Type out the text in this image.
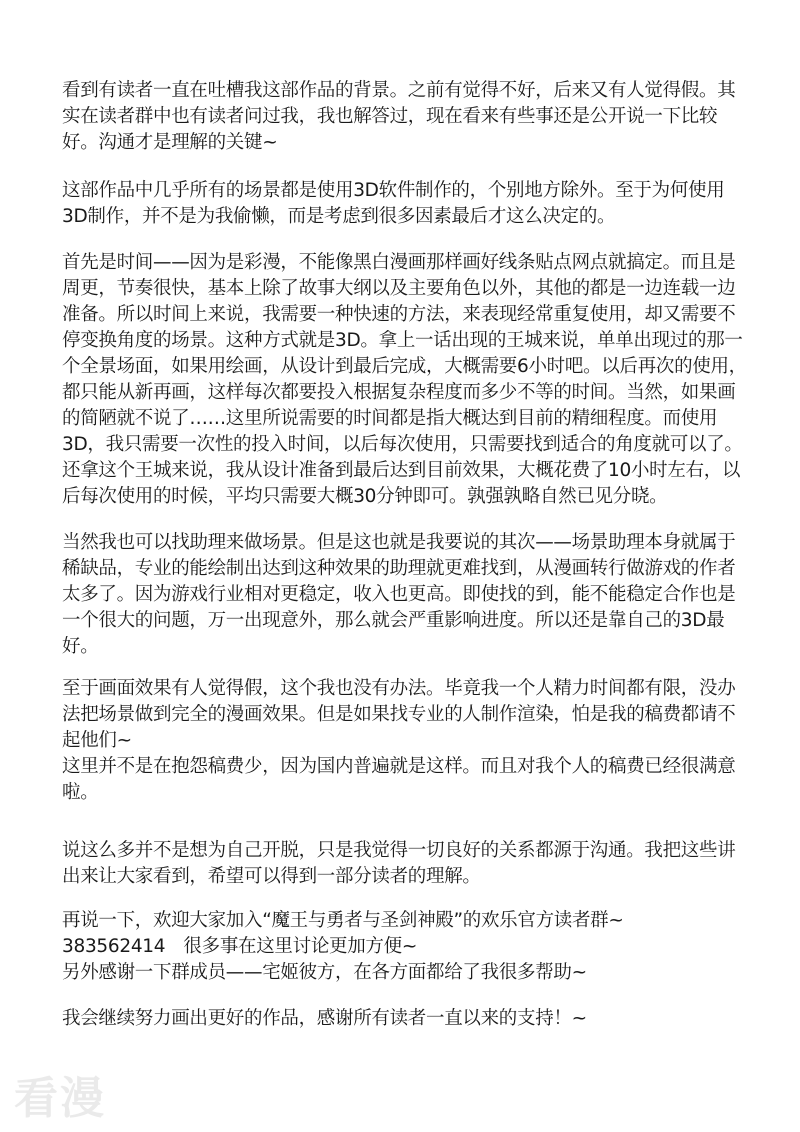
看到有读者一直在吐槽我这部作品的背景。之前有觉得不好，后来又有人觉得假。其实在读者群中也有读者问过我，我也解答过，现在看来有些事还是公开说一下比较好。沟通才是理解的关键~

这部作品中几乎所有的场景都是使用3D软件制作的，个别地方除外。至于为何使用3D制作，并不是为我偷懒，而是考虑到很多因素最后才这么决定的。

首先是时间——因为是彩漫，不能像黑白漫画那样画好线条贴点网点就搞定。而且是周更，节奏很快，基本上除了故事大纲以及主要角色以外，其他的都是一边连载一边准备。所以时间上来说，我需要一种快速的方法，来表现经常重复使用，却又需要不停变换角度的场景。这种方式就是3D。拿上一话出现的王城来说，单单出现过的那一个全景场面，如果用绘画，从设计到最后完成，大概需要6小时吧。以后再次的使用，都只能从新再画，这样每次都要投入根据复杂程度而多少不等的时间。当然，如果画的简陋就不说了……这里所说需要的时间都是指大概达到目前的精细程度。而使用3D，我只需要一次性的投入时间，以后每次使用，只需要找到适合的角度就可以了。还拿这个王城来说，我从设计准备到最后达到目前效果，大概花费了10小时左右，以后每次使用的时候，平均只需要大概30分钟即可。孰强孰略自然已见分晓。

当然我也可以找助理来做场景。但是这也就是我要说的其次——场景助理本身就属于稀缺品，专业的能绘制出达到这种效果的助理就更难找到，从漫画转行做游戏的作者太多了。因为游戏行业相对更稳定，收入也更高。即使找的到，能不能稳定合作也是一个很大的问题，万一出现意外，那么就会严重影响进度。所以还是靠自己的3D最好。

至于画面效果有人觉得假，这个我也没有办法。毕竟我一个人精力时间都有限，没办法把场景做到完全的漫画效果。但是如果找专业的人制作渲染，怕是我的稿费都请不起他们~
这里并不是在抱怨稿费少，因为国内普遍就是这样。而且对我个人的稿费已经很满意啦。

说这么多并不是想为自己开脱，只是我觉得一切良好的关系都源于沟通。我把这些讲出来让大家看到，希望可以得到一部分读者的理解。

再说一下，欢迎大家加入“魔王与勇者与圣剑神殿”的欢乐官方读者群~
383562414　很多事在这里讨论更加方便~
另外感谢一下群成员——宅姬彼方，在各方面都给了我很多帮助~

我会继续努力画出更好的作品，感谢所有读者一直以来的支持！~

看漫
